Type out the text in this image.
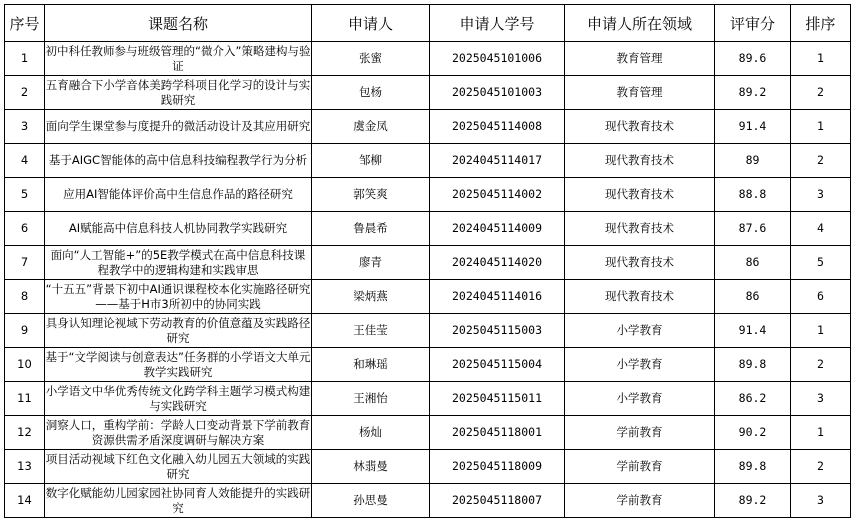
序号	课题名称	申请人	申请人学号	申请人所在领域	评审分	排序
1	初中科任教师参与班级管理的“微介入”策略建构与验证	张蜜	2025045101006	教育管理	89.6	1
2	五育融合下小学音体美跨学科项目化学习的设计与实践研究	包杨	2025045101003	教育管理	89.2	2
3	面向学生课堂参与度提升的微活动设计及其应用研究	虞金凤	2025045114008	现代教育技术	91.4	1
4	基于AIGC智能体的高中信息科技编程教学行为分析	邹柳	2024045114017	现代教育技术	89	2
5	应用AI智能体评价高中生信息作品的路径研究	郭笑爽	2025045114002	现代教育技术	88.8	3
6	AI赋能高中信息科技人机协同教学实践研究	鲁晨希	2024045114009	现代教育技术	87.6	4
7	面向“人工智能+”的5E教学模式在高中信息科技课程教学中的逻辑构建和实践审思	廖青	2024045114020	现代教育技术	86	5
8	“十五五”背景下初中AI通识课程校本化实施路径研究——基于H市3所初中的协同实践	梁炳燕	2024045114016	现代教育技术	86	6
9	具身认知理论视域下劳动教育的价值意蕴及实践路径研究	王佳莹	2025045115003	小学教育	91.4	1
10	基于“文学阅读与创意表达”任务群的小学语文大单元教学实践研究	和琳瑶	2025045115004	小学教育	89.8	2
11	小学语文中华优秀传统文化跨学科主题学习模式构建与实践研究	王湘怡	2025045115011	小学教育	86.2	3
12	洞察人口，重构学前：学龄人口变动背景下学前教育资源供需矛盾深度调研与解决方案	杨灿	2025045118001	学前教育	90.2	1
13	项目活动视域下红色文化融入幼儿园五大领域的实践研究	林翡曼	2025045118009	学前教育	89.8	2
14	数字化赋能幼儿园家园社协同育人效能提升的实践研究	孙思曼	2025045118007	学前教育	89.2	3
